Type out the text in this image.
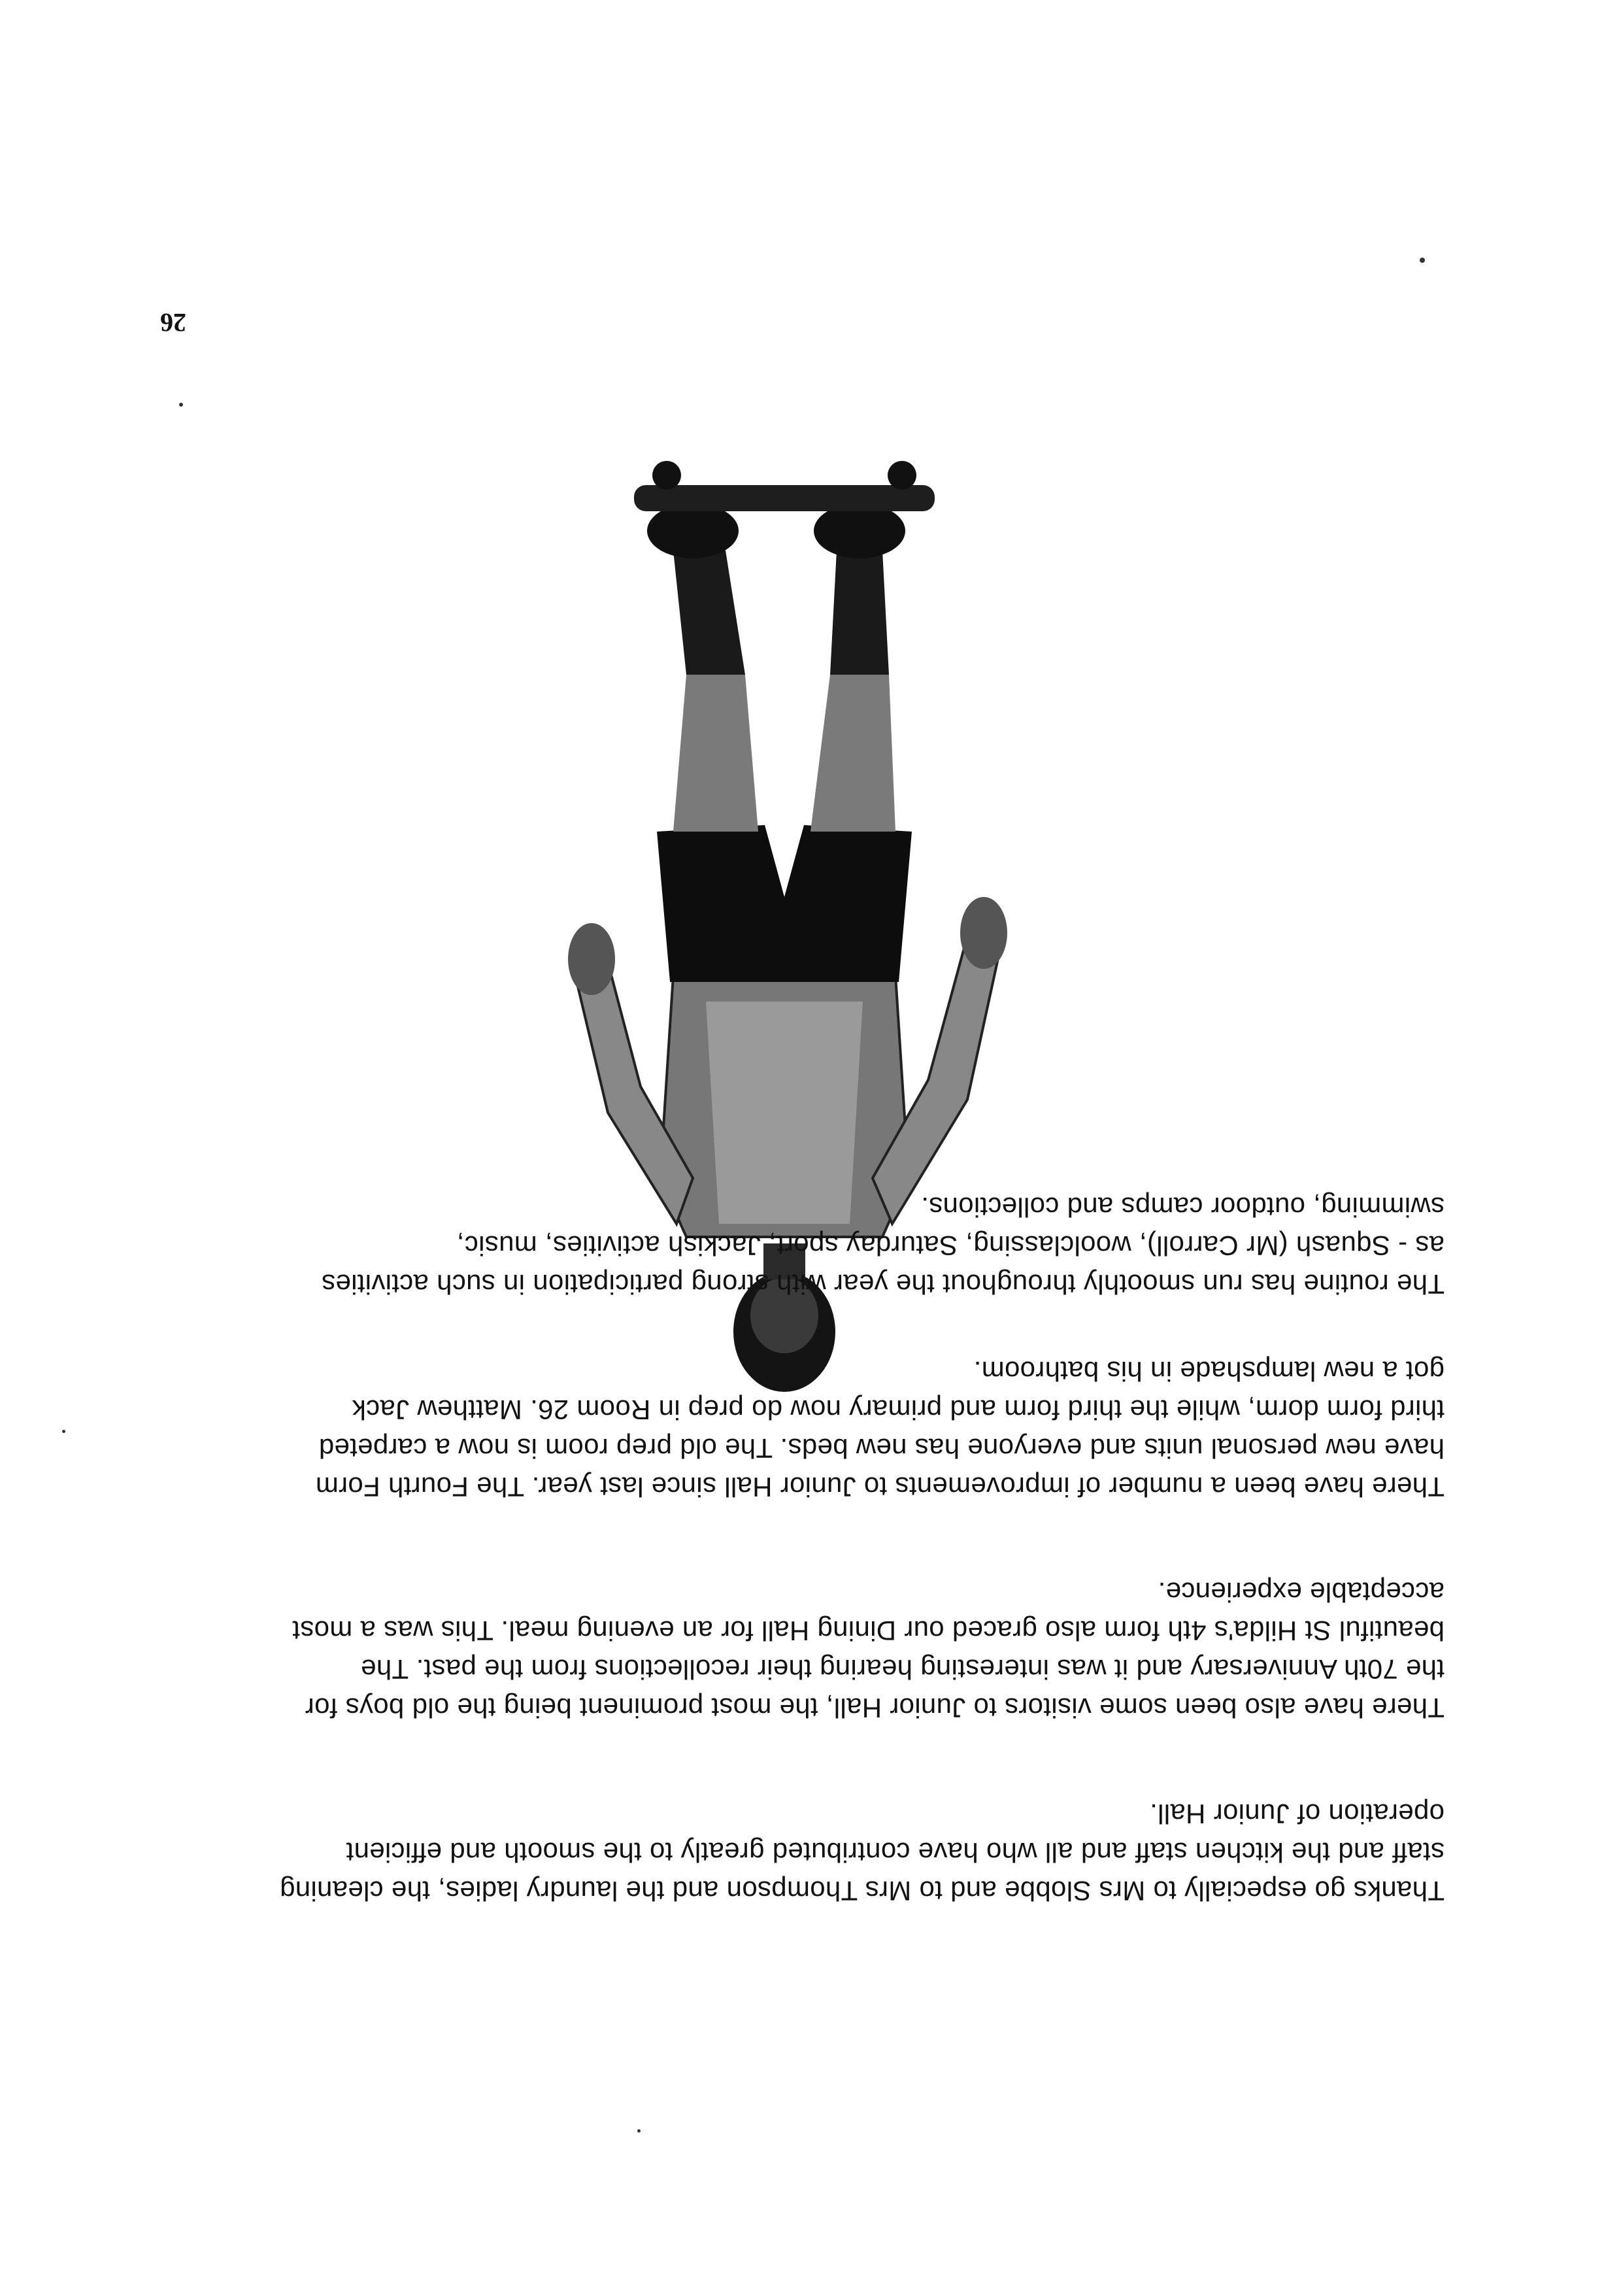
26
Thanks go especially to Mrs Slobbe and to Mrs Thompson and the laundry ladies, the cleaning
staff and the kitchen staff and all who have contributed greatly to the smooth and efficient
operation of Junior Hall.
There have also been some visitors to Junior Hall, the most prominent being the old boys for
the 70th Anniversary and it was interesting hearing their recollections from the past. The
beautiful St Hilda's 4th form also graced our Dining Hall for an evening meal. This was a most
acceptable experience.
There have been a number of improvements to Junior Hall since last year. The Fourth Form
have new personal units and everyone has new beds. The old prep room is now a carpeted
third form dorm, while the third form and primary now do prep in Room 26. Matthew Jack
got a new lampshade in his bathroom.
The routine has run smoothly throughout the year with strong participation in such activities
as - Squash (Mr Carroll), woolclassing, Saturday sport, Jackish activities, music,
swimming, outdoor camps and collections.
